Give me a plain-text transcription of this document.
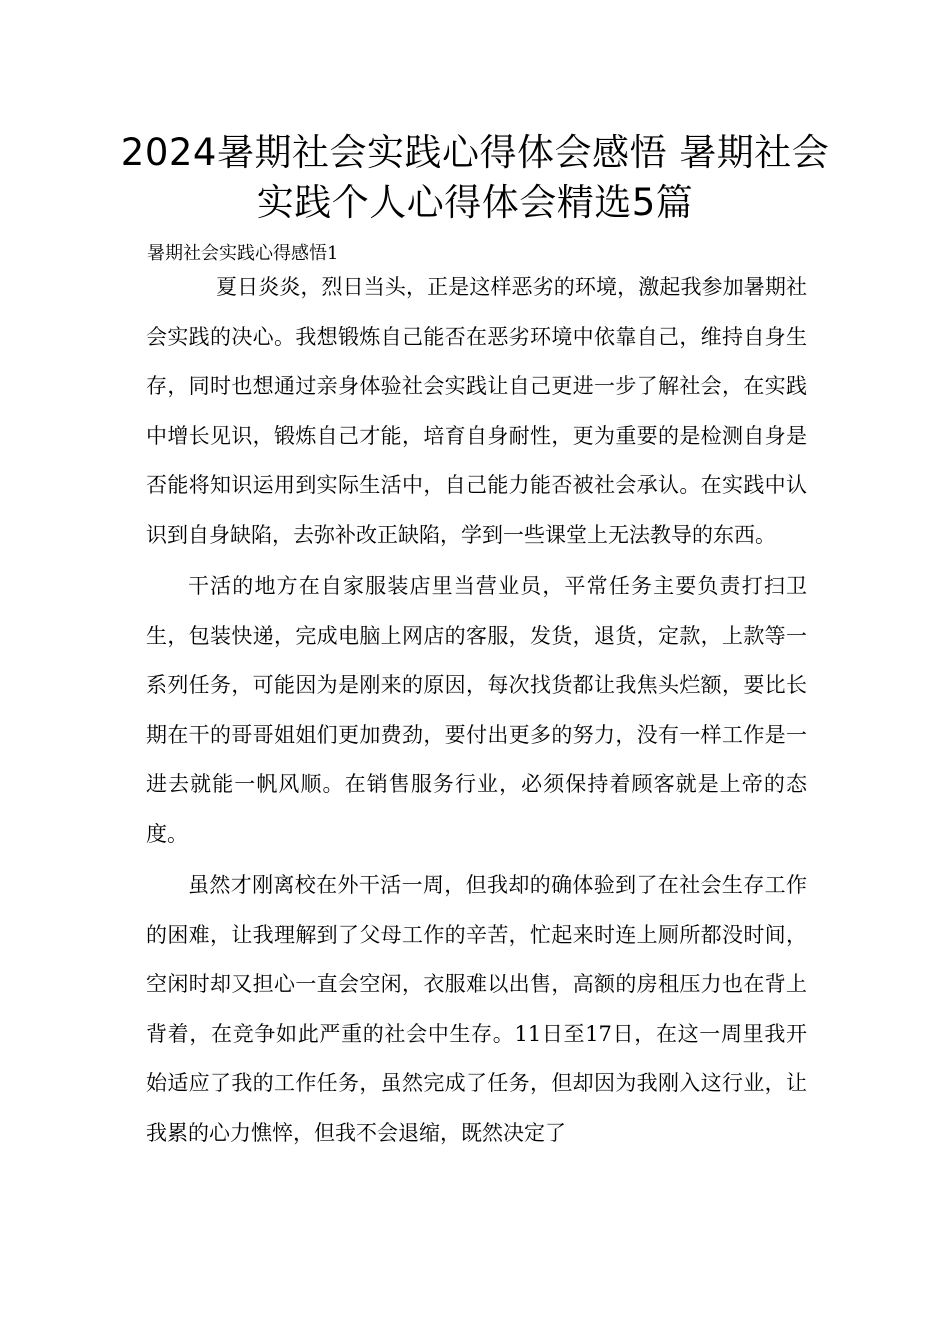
2024暑期社会实践心得体会感悟 暑期社会实践个人心得体会精选5篇
暑期社会实践心得感悟1

夏日炎炎，烈日当头，正是这样恶劣的环境，激起我参加暑期社会实践的决心。我想锻炼自己能否在恶劣环境中依靠自己，维持自身生存，同时也想通过亲身体验社会实践让自己更进一步了解社会，在实践中增长见识，锻炼自己才能，培育自身耐性，更为重要的是检测自身是否能将知识运用到实际生活中，自己能力能否被社会承认。在实践中认识到自身缺陷，去弥补改正缺陷，学到一些课堂上无法教导的东西。

干活的地方在自家服装店里当营业员，平常任务主要负责打扫卫生，包装快递，完成电脑上网店的客服，发货，退货，定款，上款等一系列任务，可能因为是刚来的原因，每次找货都让我焦头烂额，要比长期在干的哥哥姐姐们更加费劲，要付出更多的努力，没有一样工作是一进去就能一帆风顺。在销售服务行业，必须保持着顾客就是上帝的态度。

虽然才刚离校在外干活一周，但我却的确体验到了在社会生存工作的困难，让我理解到了父母工作的辛苦，忙起来时连上厕所都没时间，空闲时却又担心一直会空闲，衣服难以出售，高额的房租压力也在背上背着，在竞争如此严重的社会中生存。11日至17日，在这一周里我开始适应了我的工作任务，虽然完成了任务，但却因为我刚入这行业，让我累的心力憔悴，但我不会退缩，既然决定了
